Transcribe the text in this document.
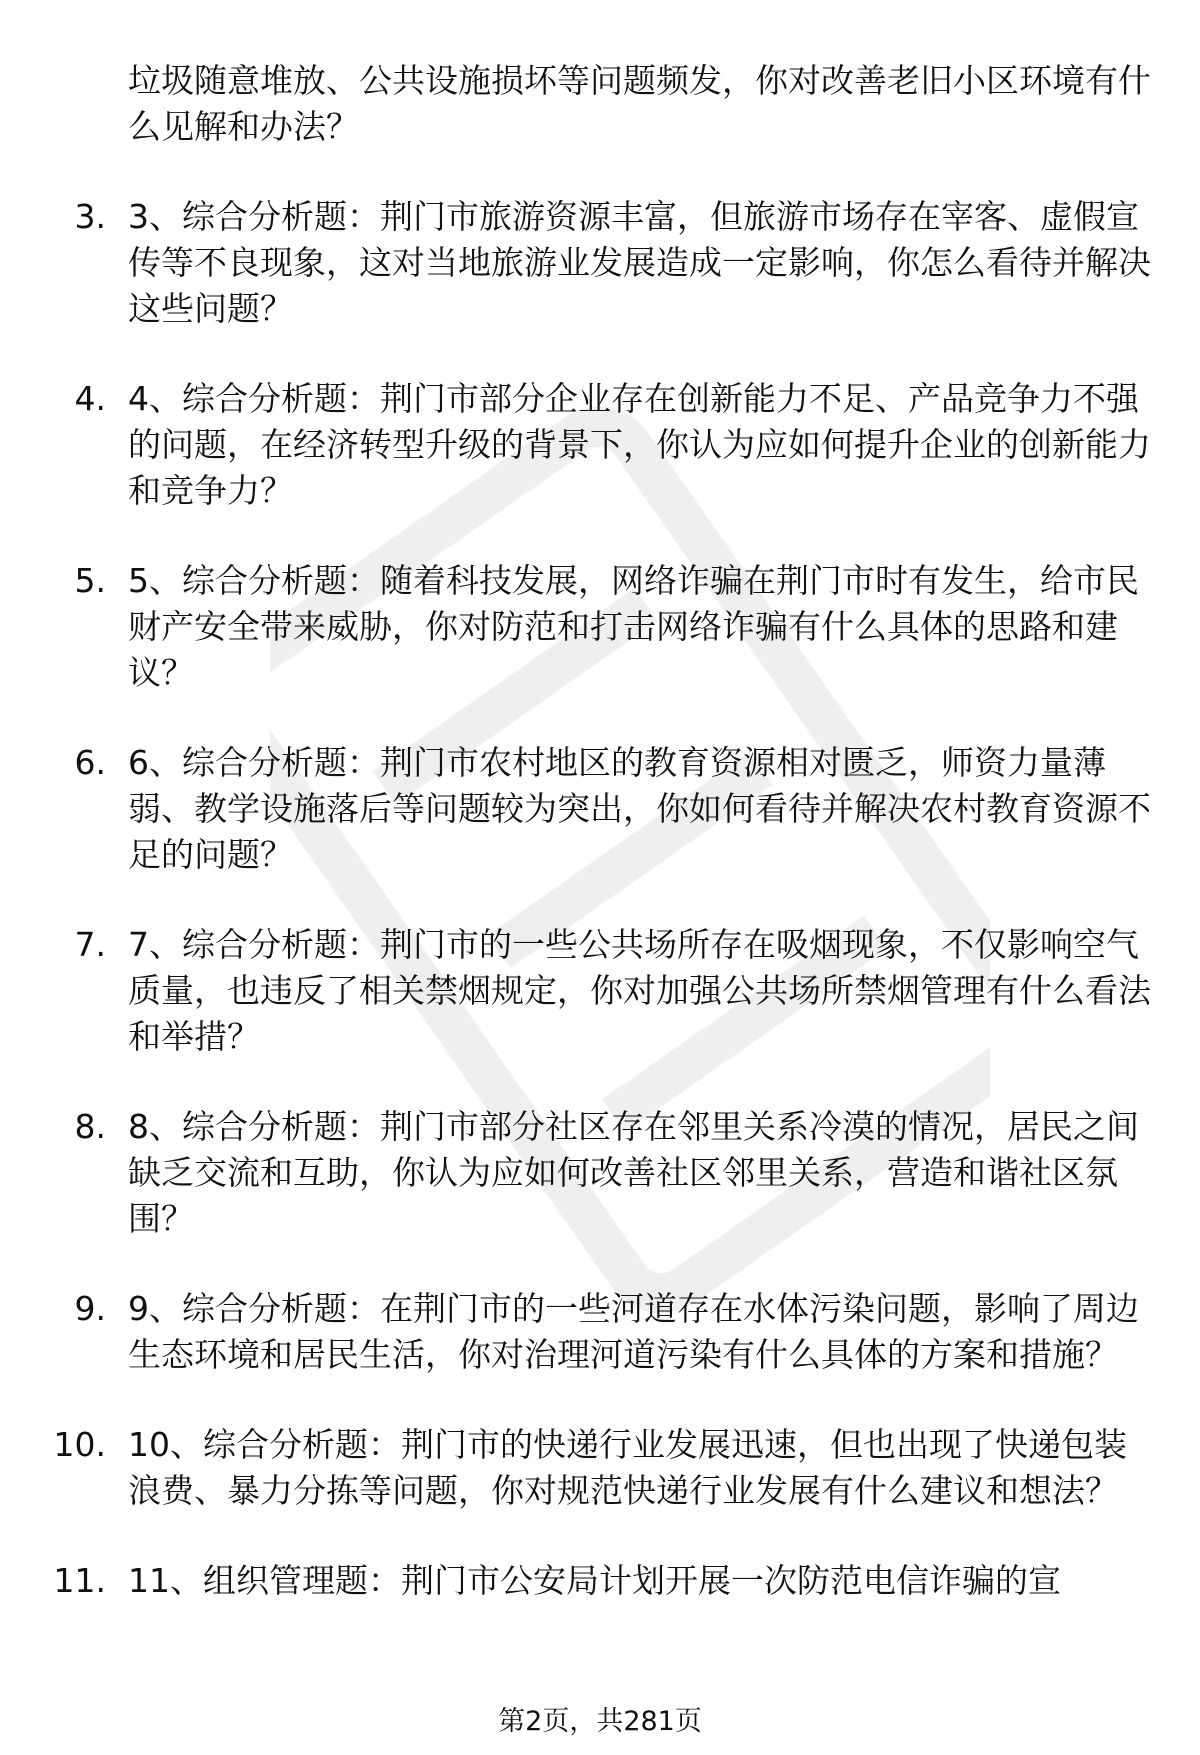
垃圾随意堆放、公共设施损坏等问题频发，你对改善老旧小区环境有什么见解和办法？
3. 3、综合分析题：荆门市旅游资源丰富，但旅游市场存在宰客、虚假宣传等不良现象，这对当地旅游业发展造成一定影响，你怎么看待并解决这些问题？
4. 4、综合分析题：荆门市部分企业存在创新能力不足、产品竞争力不强的问题，在经济转型升级的背景下，你认为应如何提升企业的创新能力和竞争力？
5. 5、综合分析题：随着科技发展，网络诈骗在荆门市时有发生，给市民财产安全带来威胁，你对防范和打击网络诈骗有什么具体的思路和建议？
6. 6、综合分析题：荆门市农村地区的教育资源相对匮乏，师资力量薄弱、教学设施落后等问题较为突出，你如何看待并解决农村教育资源不足的问题？
7. 7、综合分析题：荆门市的一些公共场所存在吸烟现象，不仅影响空气质量，也违反了相关禁烟规定，你对加强公共场所禁烟管理有什么看法和举措？
8. 8、综合分析题：荆门市部分社区存在邻里关系冷漠的情况，居民之间缺乏交流和互助，你认为应如何改善社区邻里关系，营造和谐社区氛围？
9. 9、综合分析题：在荆门市的一些河道存在水体污染问题，影响了周边生态环境和居民生活，你对治理河道污染有什么具体的方案和措施？
10. 10、综合分析题：荆门市的快递行业发展迅速，但也出现了快递包装浪费、暴力分拣等问题，你对规范快递行业发展有什么建议和想法？
11. 11、组织管理题：荆门市公安局计划开展一次防范电信诈骗的宣
第2页，共281页
